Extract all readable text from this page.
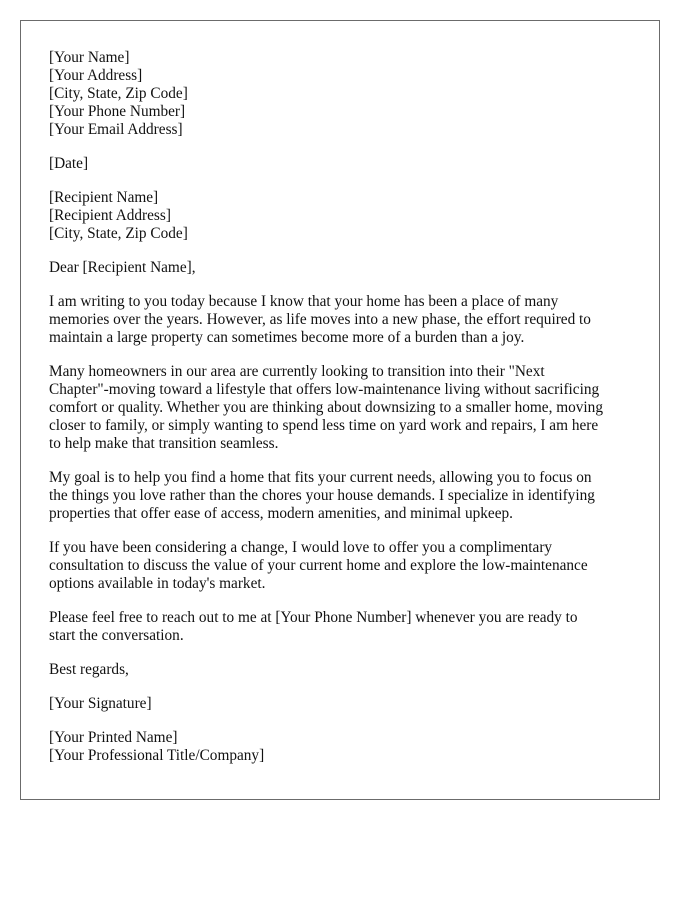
[Your Name]
[Your Address]
[City, State, Zip Code]
[Your Phone Number]
[Your Email Address]
[Date]
[Recipient Name]
[Recipient Address]
[City, State, Zip Code]
Dear [Recipient Name],
I am writing to you today because I know that your home has been a place of many
memories over the years. However, as life moves into a new phase, the effort required to
maintain a large property can sometimes become more of a burden than a joy.
Many homeowners in our area are currently looking to transition into their "Next
Chapter"-moving toward a lifestyle that offers low-maintenance living without sacrificing
comfort or quality. Whether you are thinking about downsizing to a smaller home, moving
closer to family, or simply wanting to spend less time on yard work and repairs, I am here
to help make that transition seamless.
My goal is to help you find a home that fits your current needs, allowing you to focus on
the things you love rather than the chores your house demands. I specialize in identifying
properties that offer ease of access, modern amenities, and minimal upkeep.
If you have been considering a change, I would love to offer you a complimentary
consultation to discuss the value of your current home and explore the low-maintenance
options available in today's market.
Please feel free to reach out to me at [Your Phone Number] whenever you are ready to
start the conversation.
Best regards,
[Your Signature]
[Your Printed Name]
[Your Professional Title/Company]
